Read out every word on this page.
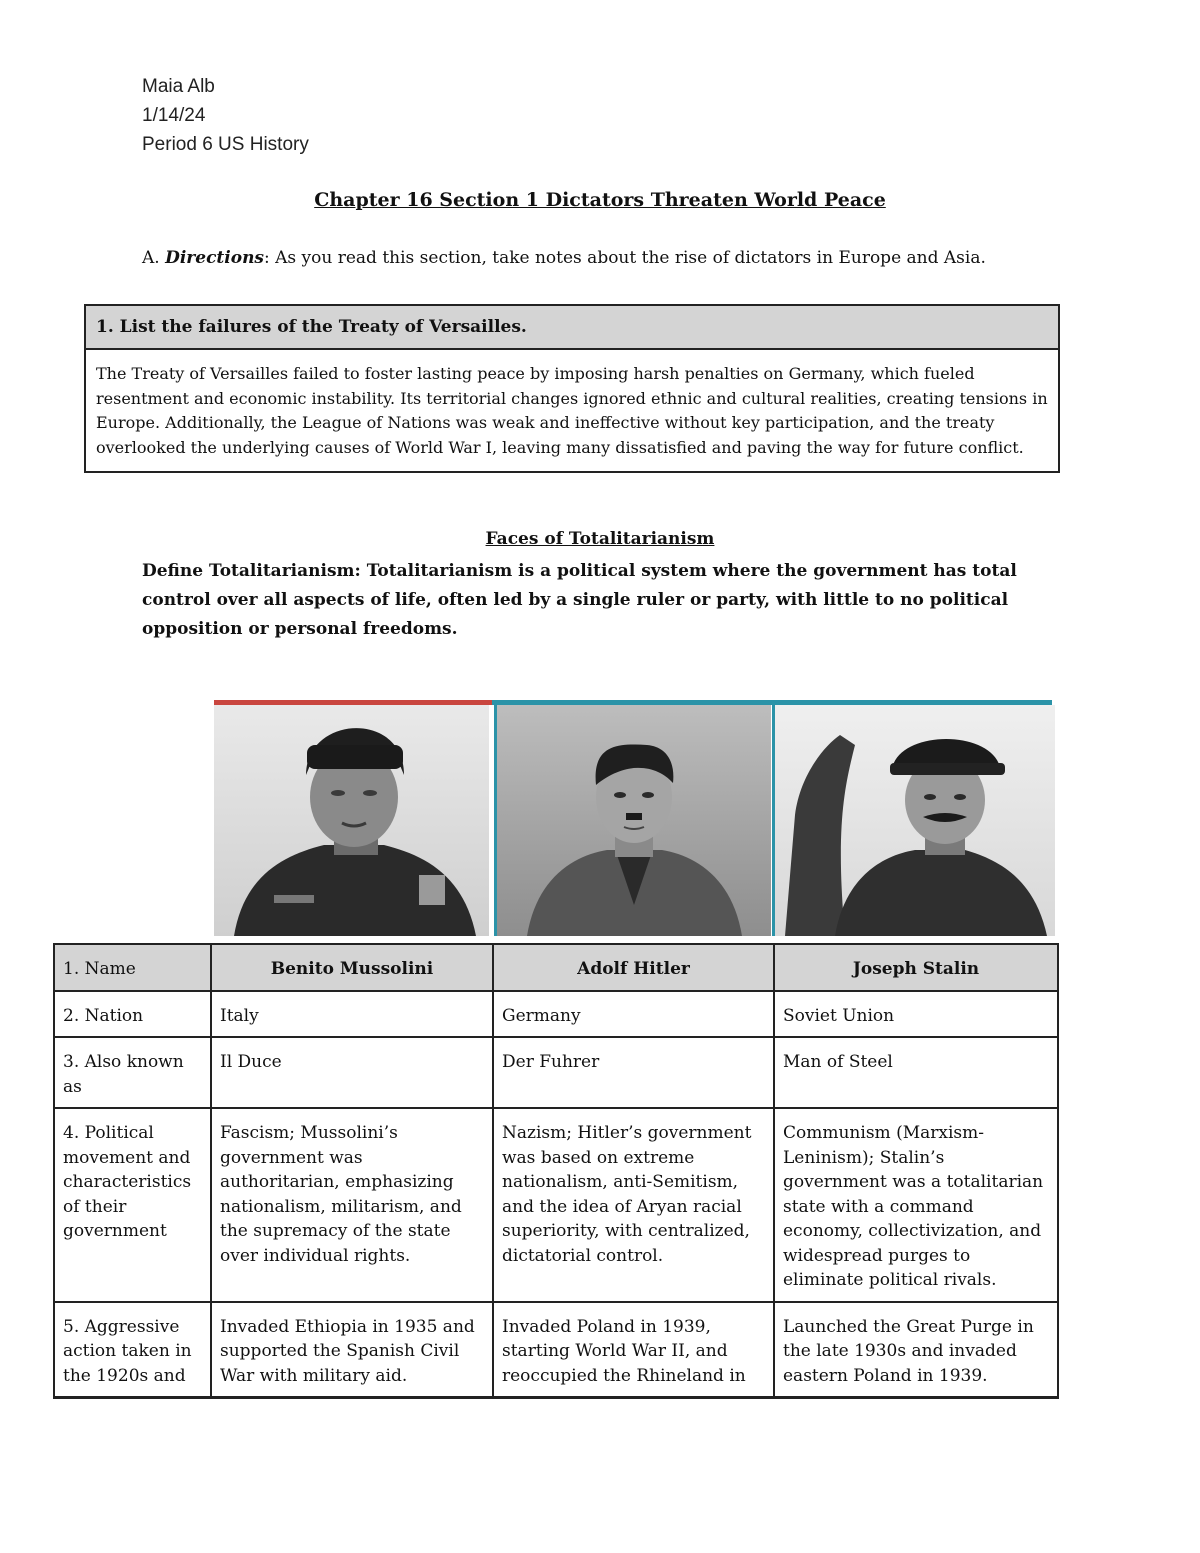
Maia Alb
1/14/24
Period 6 US History
Chapter 16 Section 1 Dictators Threaten World Peace
A. Directions: As you read this section, take notes about the rise of dictators in Europe and Asia.
1. List the failures of the Treaty of Versailles.
The Treaty of Versailles failed to foster lasting peace by imposing harsh penalties on Germany, which fueled resentment and economic instability. Its territorial changes ignored ethnic and cultural realities, creating tensions in Europe. Additionally, the League of Nations was weak and ineffective without key participation, and the treaty overlooked the underlying causes of World War I, leaving many dissatisfied and paving the way for future conflict.
Faces of Totalitarianism
Define Totalitarianism: Totalitarianism is a political system where the government has total control over all aspects of life, often led by a single ruler or party, with little to no political opposition or personal freedoms.
1. Name	Benito Mussolini	Adolf Hitler	Joseph Stalin
2. Nation	Italy	Germany	Soviet Union
3. Also known as	Il Duce	Der Fuhrer	Man of Steel
4. Political movement and characteristics of their government	Fascism; Mussolini’s government was authoritarian, emphasizing nationalism, militarism, and the supremacy of the state over individual rights.	Nazism; Hitler’s government was based on extreme nationalism, anti-Semitism, and the idea of Aryan racial superiority, with centralized, dictatorial control.	Communism (Marxism-Leninism); Stalin’s government was a totalitarian state with a command economy, collectivization, and widespread purges to eliminate political rivals.
5. Aggressive action taken in the 1920s and	Invaded Ethiopia in 1935 and supported the Spanish Civil War with military aid.	Invaded Poland in 1939, starting World War II, and reoccupied the Rhineland in	Launched the Great Purge in the late 1930s and invaded eastern Poland in 1939.
